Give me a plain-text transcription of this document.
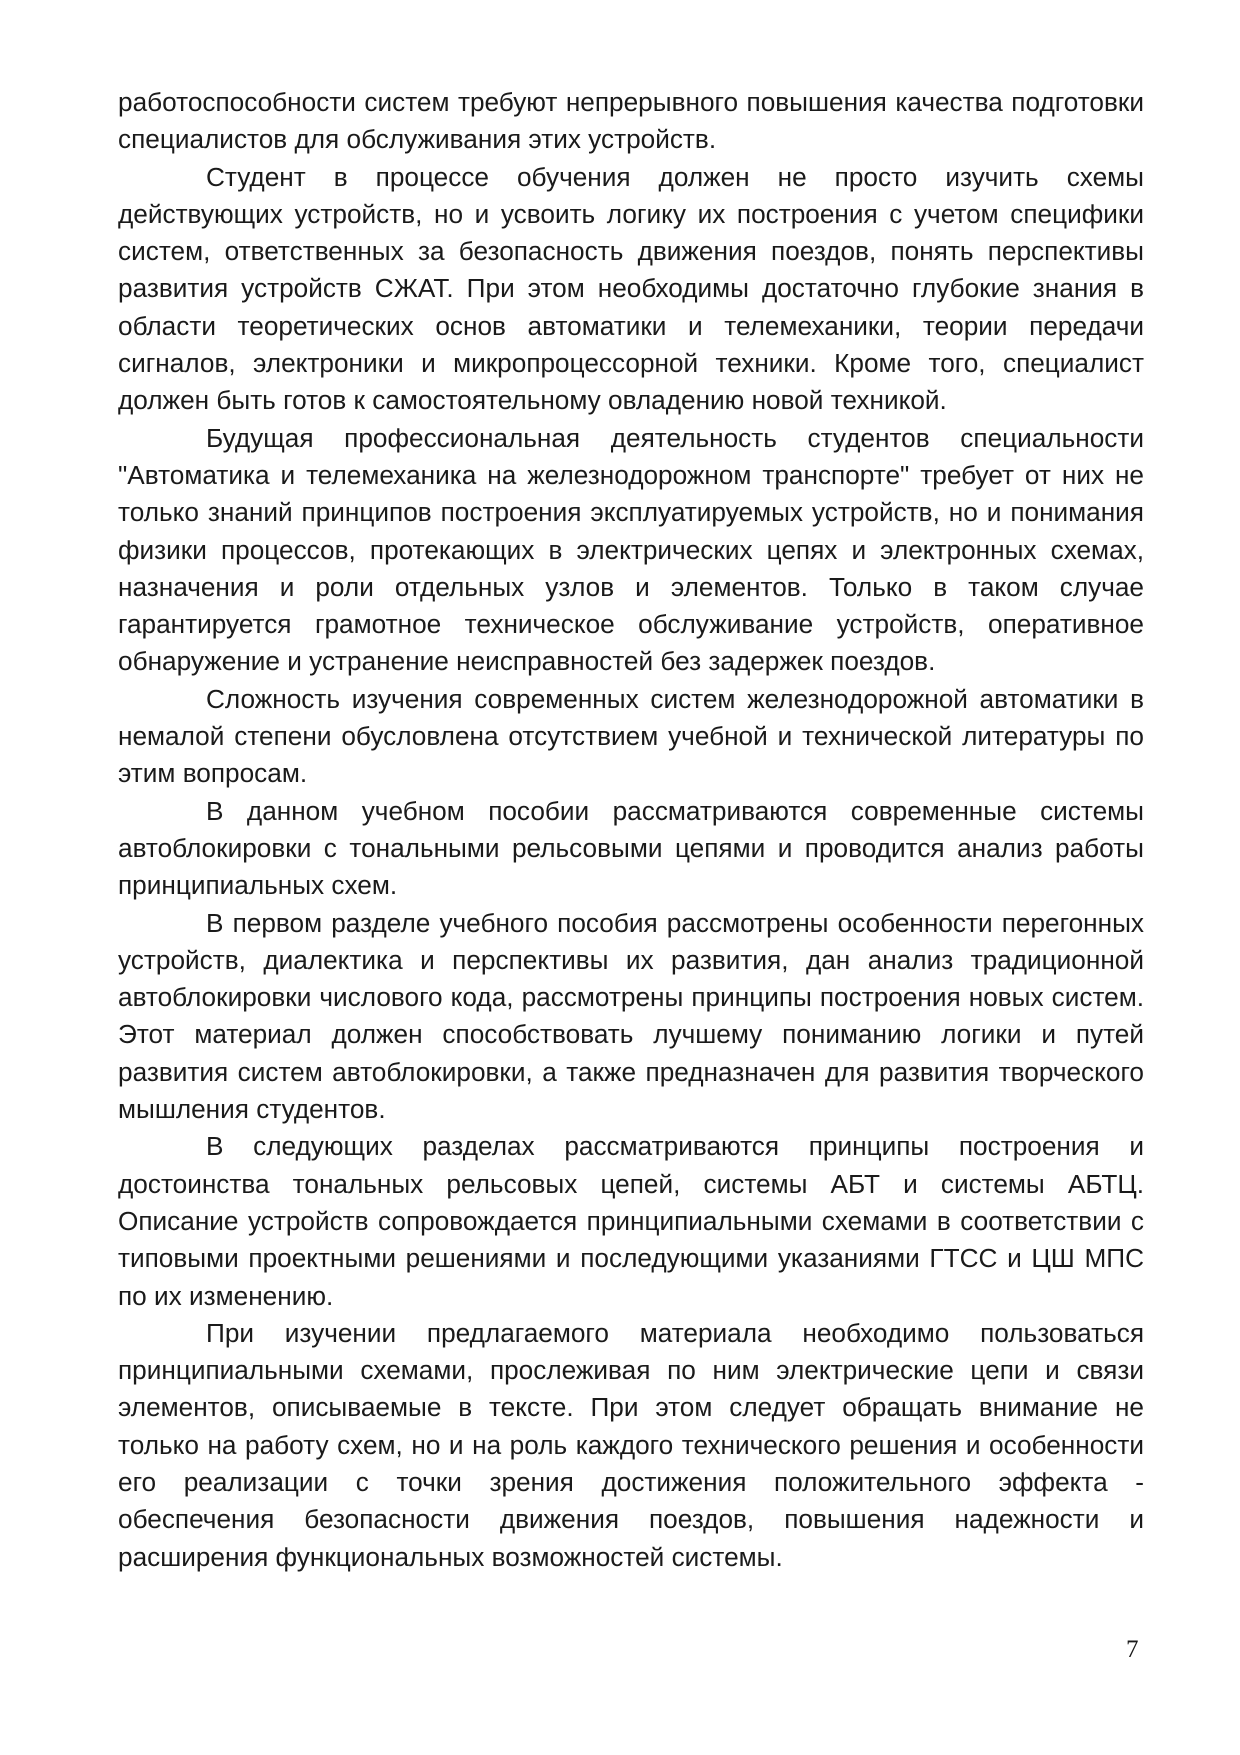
работоспособности систем требуют непрерывного повышения качества подготовки специалистов для обслуживания этих устройств.

Студент в процессе обучения должен не просто изучить схемы действующих устройств, но и усвоить логику их построения с учетом специфики систем, ответственных за безопасность движения поездов, понять перспективы развития устройств СЖАТ. При этом необходимы достаточно глубокие знания в области теоретических основ автоматики и телемеханики, теории передачи сигналов, электроники и микропроцессорной техники. Кроме того, специалист должен быть готов к самостоятельному овладению новой техникой.

Будущая профессиональная деятельность студентов специальности "Автоматика и телемеханика на железнодорожном транспорте" требует от них не только знаний принципов построения эксплуатируемых устройств, но и понимания физики процессов, протекающих в электрических цепях и электронных схемах, назначения и роли отдельных узлов и элементов. Только в таком случае гарантируется грамотное техническое обслуживание устройств, оперативное обнаружение и устранение неисправностей без задержек поездов.

Сложность изучения современных систем железнодорожной автоматики в немалой степени обусловлена отсутствием учебной и технической литературы по этим вопросам.

В данном учебном пособии рассматриваются современные системы автоблокировки с тональными рельсовыми цепями и проводится анализ работы принципиальных схем.

В первом разделе учебного пособия рассмотрены особенности перегонных устройств, диалектика и перспективы их развития, дан анализ традиционной автоблокировки числового кода, рассмотрены принципы построения новых систем. Этот материал должен способствовать лучшему пониманию логики и путей развития систем автоблокировки, а также предназначен для развития творческого мышления студентов.

В следующих разделах рассматриваются принципы построения и достоинства тональных рельсовых цепей, системы АБТ и системы АБТЦ. Описание устройств сопровождается принципиальными схемами в соответствии с типовыми проектными решениями и последующими указаниями ГТСС и ЦШ МПС по их изменению.

При изучении предлагаемого материала необходимо пользоваться принципиальными схемами, прослеживая по ним электрические цепи и связи элементов, описываемые в тексте. При этом следует обращать внимание не только на работу схем, но и на роль каждого технического решения и особенности его реализации с точки зрения достижения положительного эффекта - обеспечения безопасности движения поездов, повышения надежности и расширения функциональных возможностей системы.

7
